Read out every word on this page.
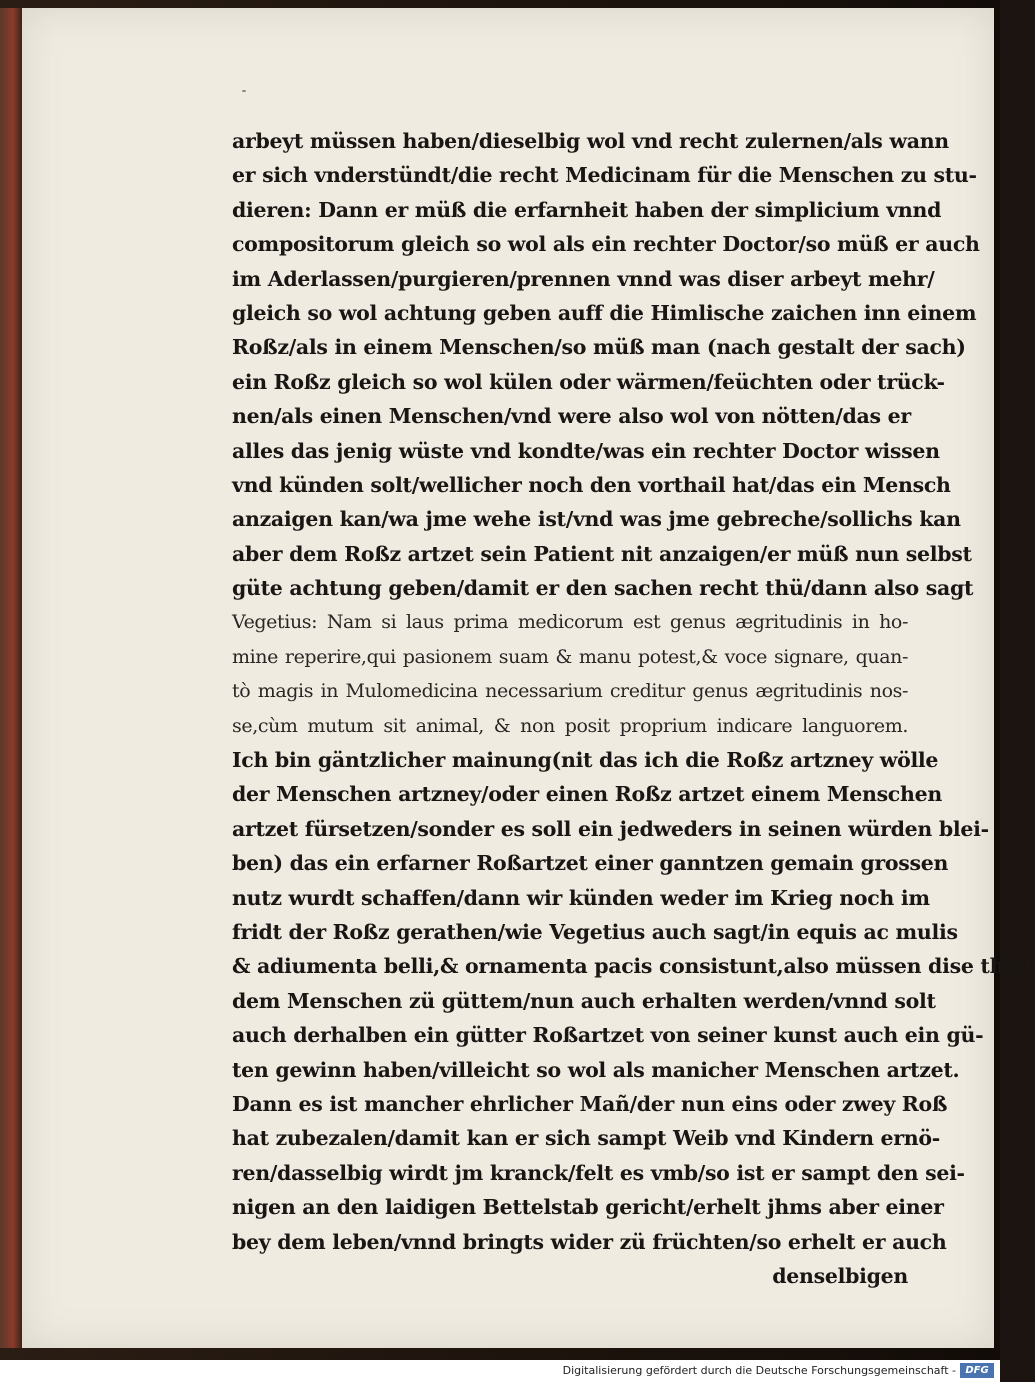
arbeyt müssen haben/dieselbig wol vnd recht zulernen/als wann
er sich vnderstündt/die recht Medicinam für die Menschen zu stu-
dieren: Dann er müß die erfarnheit haben der simplicium vnnd
compositorum gleich so wol als ein rechter Doctor/so müß er auch
im Aderlassen/purgieren/prennen vnnd was diser arbeyt mehr/
gleich so wol achtung geben auff die Himlische zaichen inn einem
Roßz/als in einem Menschen/so müß man (nach gestalt der sach)
ein Roßz gleich so wol külen oder wärmen/feüchten oder trück-
nen/als einen Menschen/vnd were also wol von nötten/das er
alles das jenig wüste vnd kondte/was ein rechter Doctor wissen
vnd künden solt/wellicher noch den vorthail hat/das ein Mensch
anzaigen kan/wa jme wehe ist/vnd was jme gebreche/sollichs kan
aber dem Roßz artzet sein Patient nit anzaigen/er müß nun selbst
güte achtung geben/damit er den sachen recht thü/dann also sagt
Vegetius: Nam si laus prima medicorum est genus ægritudinis in ho-
mine reperire,qui pasionem suam & manu potest,& voce signare, quan-
tò magis in Mulomedicina necessarium creditur genus ægritudinis nos-
se,cùm mutum sit animal, & non posit proprium indicare languorem.
Ich bin gäntzlicher mainung(nit das ich die Roßz artzney wölle
der Menschen artzney/oder einen Roßz artzet einem Menschen
artzet fürsetzen/sonder es soll ein jedweders in seinen würden blei-
ben) das ein erfarner Roßartzet einer ganntzen gemain grossen
nutz wurdt schaffen/dann wir künden weder im Krieg noch im
fridt der Roßz gerathen/wie Vegetius auch sagt/in equis ac mulis
& adiumenta belli,& ornamenta pacis consistunt,also müssen dise thier
dem Menschen zü güttem/nun auch erhalten werden/vnnd solt
auch derhalben ein gütter Roßartzet von seiner kunst auch ein gü-
ten gewinn haben/villeicht so wol als manicher Menschen artzet.
Dann es ist mancher ehrlicher Mañ/der nun eins oder zwey Roß
hat zubezalen/damit kan er sich sampt Weib vnd Kindern ernö-
ren/dasselbig wirdt jm kranck/felt es vmb/so ist er sampt den sei-
nigen an den laidigen Bettelstab gericht/erhelt jhms aber einer
bey dem leben/vnnd bringts wider zü früchten/so erhelt er auch
denselbigen
Digitalisierung gefördert durch die Deutsche Forschungsgemeinschaft - DFG
